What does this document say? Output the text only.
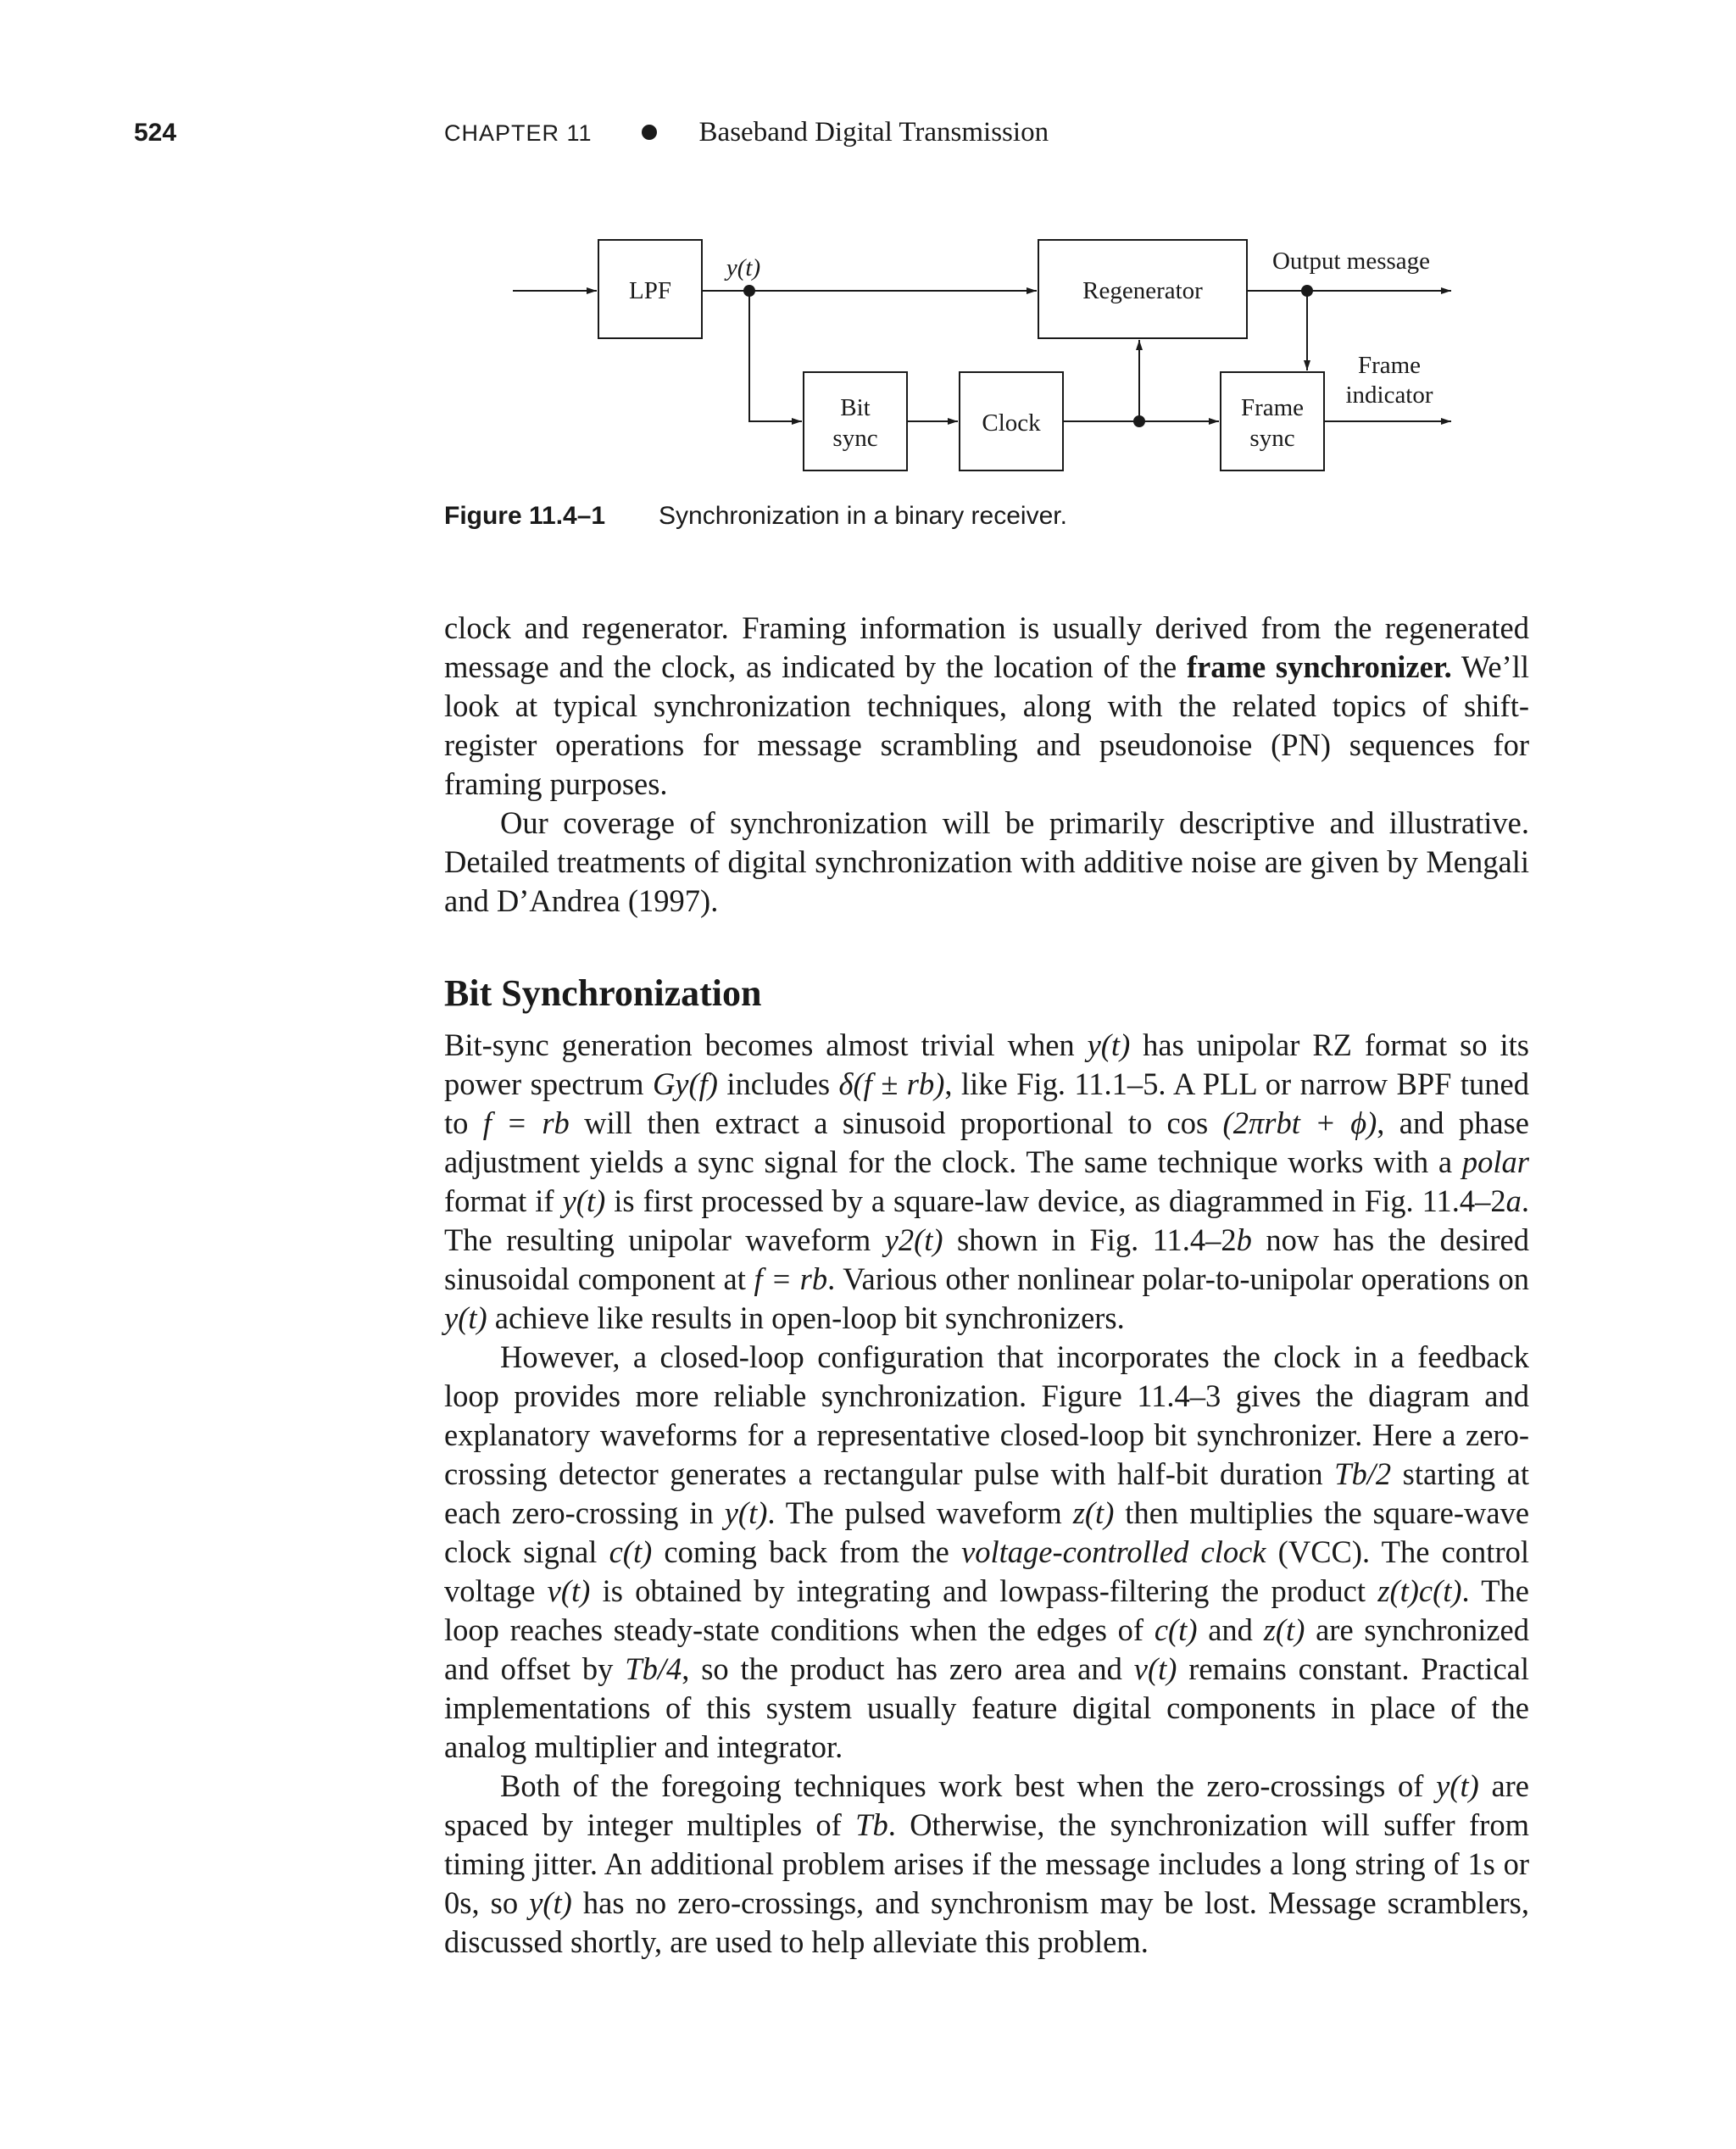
524	CHAPTER 11	Baseband Digital Transmission
LPF	Regenerator
Bit
sync
Clock
Frame
sync
y(t)	Output message
Frame
indicator
Figure 11.4–1 Synchronization in a binary receiver.

clock and regenerator. Framing information is usually derived from the regenerated message and the clock, as indicated by the location of the frame synchronizer. We’ll look at typical synchronization techniques, along with the related topics of shift-register operations for message scrambling and pseudonoise (PN) sequences for framing purposes.

Our coverage of synchronization will be primarily descriptive and illustrative. Detailed treatments of digital synchronization with additive noise are given by Mengali and D’Andrea (1997).

Bit Synchronization

Bit-sync generation becomes almost trivial when y(t) has unipolar RZ format so its power spectrum Gy(f) includes δ(f ± rb), like Fig. 11.1–5. A PLL or narrow BPF tuned to f = rb will then extract a sinusoid proportional to cos (2πrbt + ϕ), and phase adjustment yields a sync signal for the clock. The same technique works with a polar format if y(t) is first processed by a square-law device, as diagrammed in Fig. 11.4–2a. The resulting unipolar waveform y2(t) shown in Fig. 11.4–2b now has the desired sinusoidal component at f = rb. Various other nonlinear polar-to-unipolar operations on y(t) achieve like results in open-loop bit synchronizers.

However, a closed-loop configuration that incorporates the clock in a feedback loop provides more reliable synchronization. Figure 11.4–3 gives the diagram and explanatory waveforms for a representative closed-loop bit synchronizer. Here a zero-crossing detector generates a rectangular pulse with half-bit duration Tb/2 starting at each zero-crossing in y(t). The pulsed waveform z(t) then multiplies the square-wave clock signal c(t) coming back from the voltage-controlled clock (VCC). The control voltage v(t) is obtained by integrating and lowpass-filtering the product z(t)c(t). The loop reaches steady-state conditions when the edges of c(t) and z(t) are synchronized and offset by Tb/4, so the product has zero area and v(t) remains constant. Practical implementations of this system usually feature digital components in place of the analog multiplier and integrator.

Both of the foregoing techniques work best when the zero-crossings of y(t) are spaced by integer multiples of Tb. Otherwise, the synchronization will suffer from timing jitter. An additional problem arises if the message includes a long string of 1s or 0s, so y(t) has no zero-crossings, and synchronism may be lost. Message scramblers, discussed shortly, are used to help alleviate this problem.
